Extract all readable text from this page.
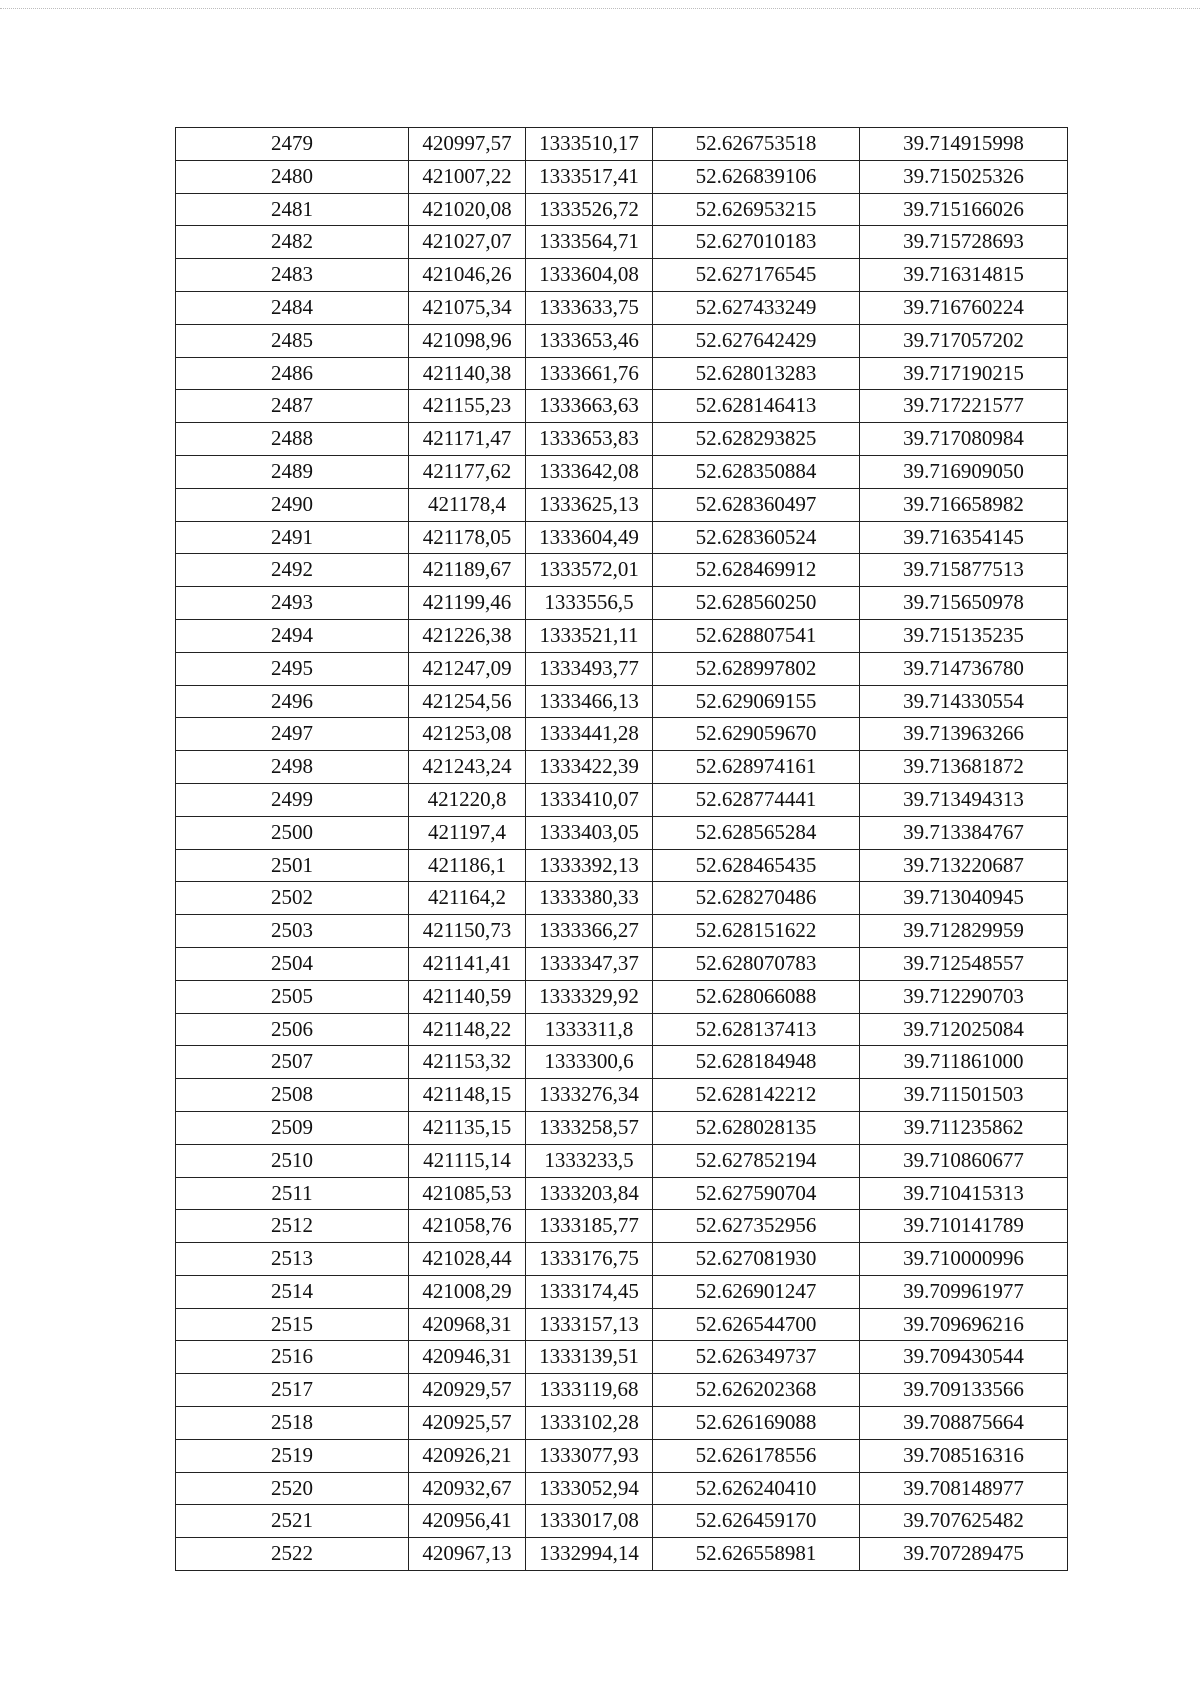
2479	420997,57	1333510,17	52.626753518	39.714915998
2480	421007,22	1333517,41	52.626839106	39.715025326
2481	421020,08	1333526,72	52.626953215	39.715166026
2482	421027,07	1333564,71	52.627010183	39.715728693
2483	421046,26	1333604,08	52.627176545	39.716314815
2484	421075,34	1333633,75	52.627433249	39.716760224
2485	421098,96	1333653,46	52.627642429	39.717057202
2486	421140,38	1333661,76	52.628013283	39.717190215
2487	421155,23	1333663,63	52.628146413	39.717221577
2488	421171,47	1333653,83	52.628293825	39.717080984
2489	421177,62	1333642,08	52.628350884	39.716909050
2490	421178,4	1333625,13	52.628360497	39.716658982
2491	421178,05	1333604,49	52.628360524	39.716354145
2492	421189,67	1333572,01	52.628469912	39.715877513
2493	421199,46	1333556,5	52.628560250	39.715650978
2494	421226,38	1333521,11	52.628807541	39.715135235
2495	421247,09	1333493,77	52.628997802	39.714736780
2496	421254,56	1333466,13	52.629069155	39.714330554
2497	421253,08	1333441,28	52.629059670	39.713963266
2498	421243,24	1333422,39	52.628974161	39.713681872
2499	421220,8	1333410,07	52.628774441	39.713494313
2500	421197,4	1333403,05	52.628565284	39.713384767
2501	421186,1	1333392,13	52.628465435	39.713220687
2502	421164,2	1333380,33	52.628270486	39.713040945
2503	421150,73	1333366,27	52.628151622	39.712829959
2504	421141,41	1333347,37	52.628070783	39.712548557
2505	421140,59	1333329,92	52.628066088	39.712290703
2506	421148,22	1333311,8	52.628137413	39.712025084
2507	421153,32	1333300,6	52.628184948	39.711861000
2508	421148,15	1333276,34	52.628142212	39.711501503
2509	421135,15	1333258,57	52.628028135	39.711235862
2510	421115,14	1333233,5	52.627852194	39.710860677
2511	421085,53	1333203,84	52.627590704	39.710415313
2512	421058,76	1333185,77	52.627352956	39.710141789
2513	421028,44	1333176,75	52.627081930	39.710000996
2514	421008,29	1333174,45	52.626901247	39.709961977
2515	420968,31	1333157,13	52.626544700	39.709696216
2516	420946,31	1333139,51	52.626349737	39.709430544
2517	420929,57	1333119,68	52.626202368	39.709133566
2518	420925,57	1333102,28	52.626169088	39.708875664
2519	420926,21	1333077,93	52.626178556	39.708516316
2520	420932,67	1333052,94	52.626240410	39.708148977
2521	420956,41	1333017,08	52.626459170	39.707625482
2522	420967,13	1332994,14	52.626558981	39.707289475
